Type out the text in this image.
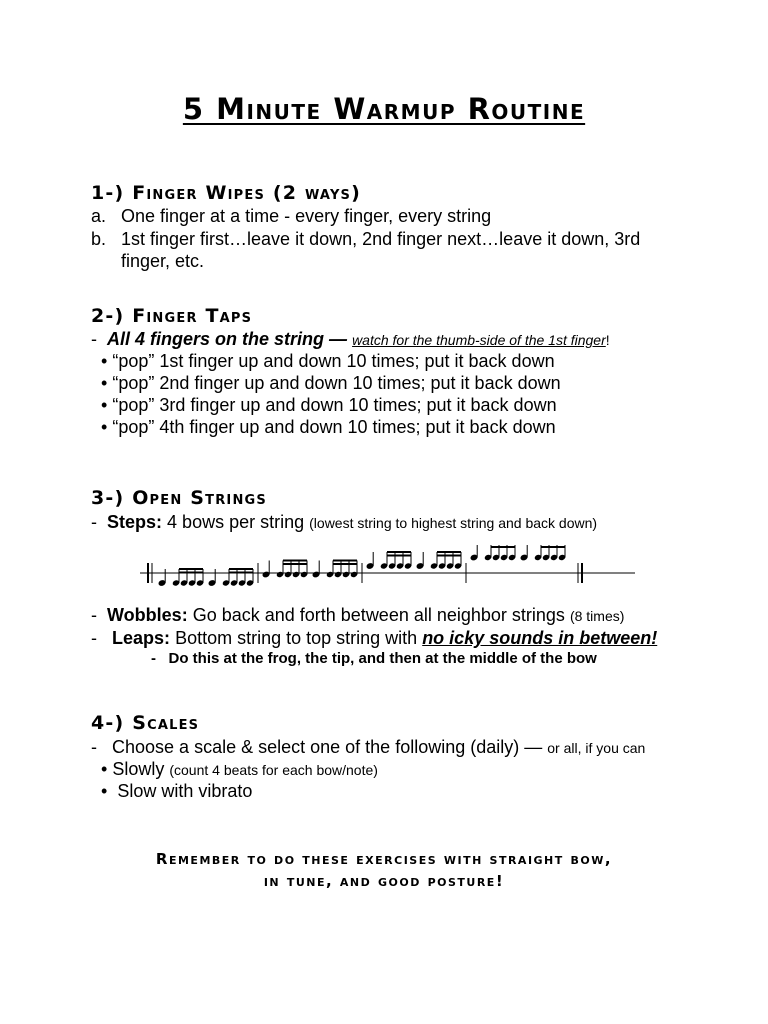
5 Minute Warmup Routine
1-) Finger Wipes (2 ways)
a. One finger at a time - every finger, every string
b. 1st finger first…leave it down, 2nd finger next…leave it down, 3rd
finger, etc.
2-) Finger Taps
- All 4 fingers on the string — watch for the thumb-side of the 1st finger!
• “pop” 1st finger up and down 10 times; put it back down
• “pop” 2nd finger up and down 10 times; put it back down
• “pop” 3rd finger up and down 10 times; put it back down
• “pop” 4th finger up and down 10 times; put it back down
3-) Open Strings
- Steps: 4 bows per string (lowest string to highest string and back down)
- Wobbles: Go back and forth between all neighbor strings (8 times)
- Leaps: Bottom string to top string with no icky sounds in between!
- Do this at the frog, the tip, and then at the middle of the bow
4-) Scales
- Choose a scale & select one of the following (daily) — or all, if you can
• Slowly (count 4 beats for each bow/note)
• Slow with vibrato
Remember to do these exercises with straight bow,
in tune, and good posture!
